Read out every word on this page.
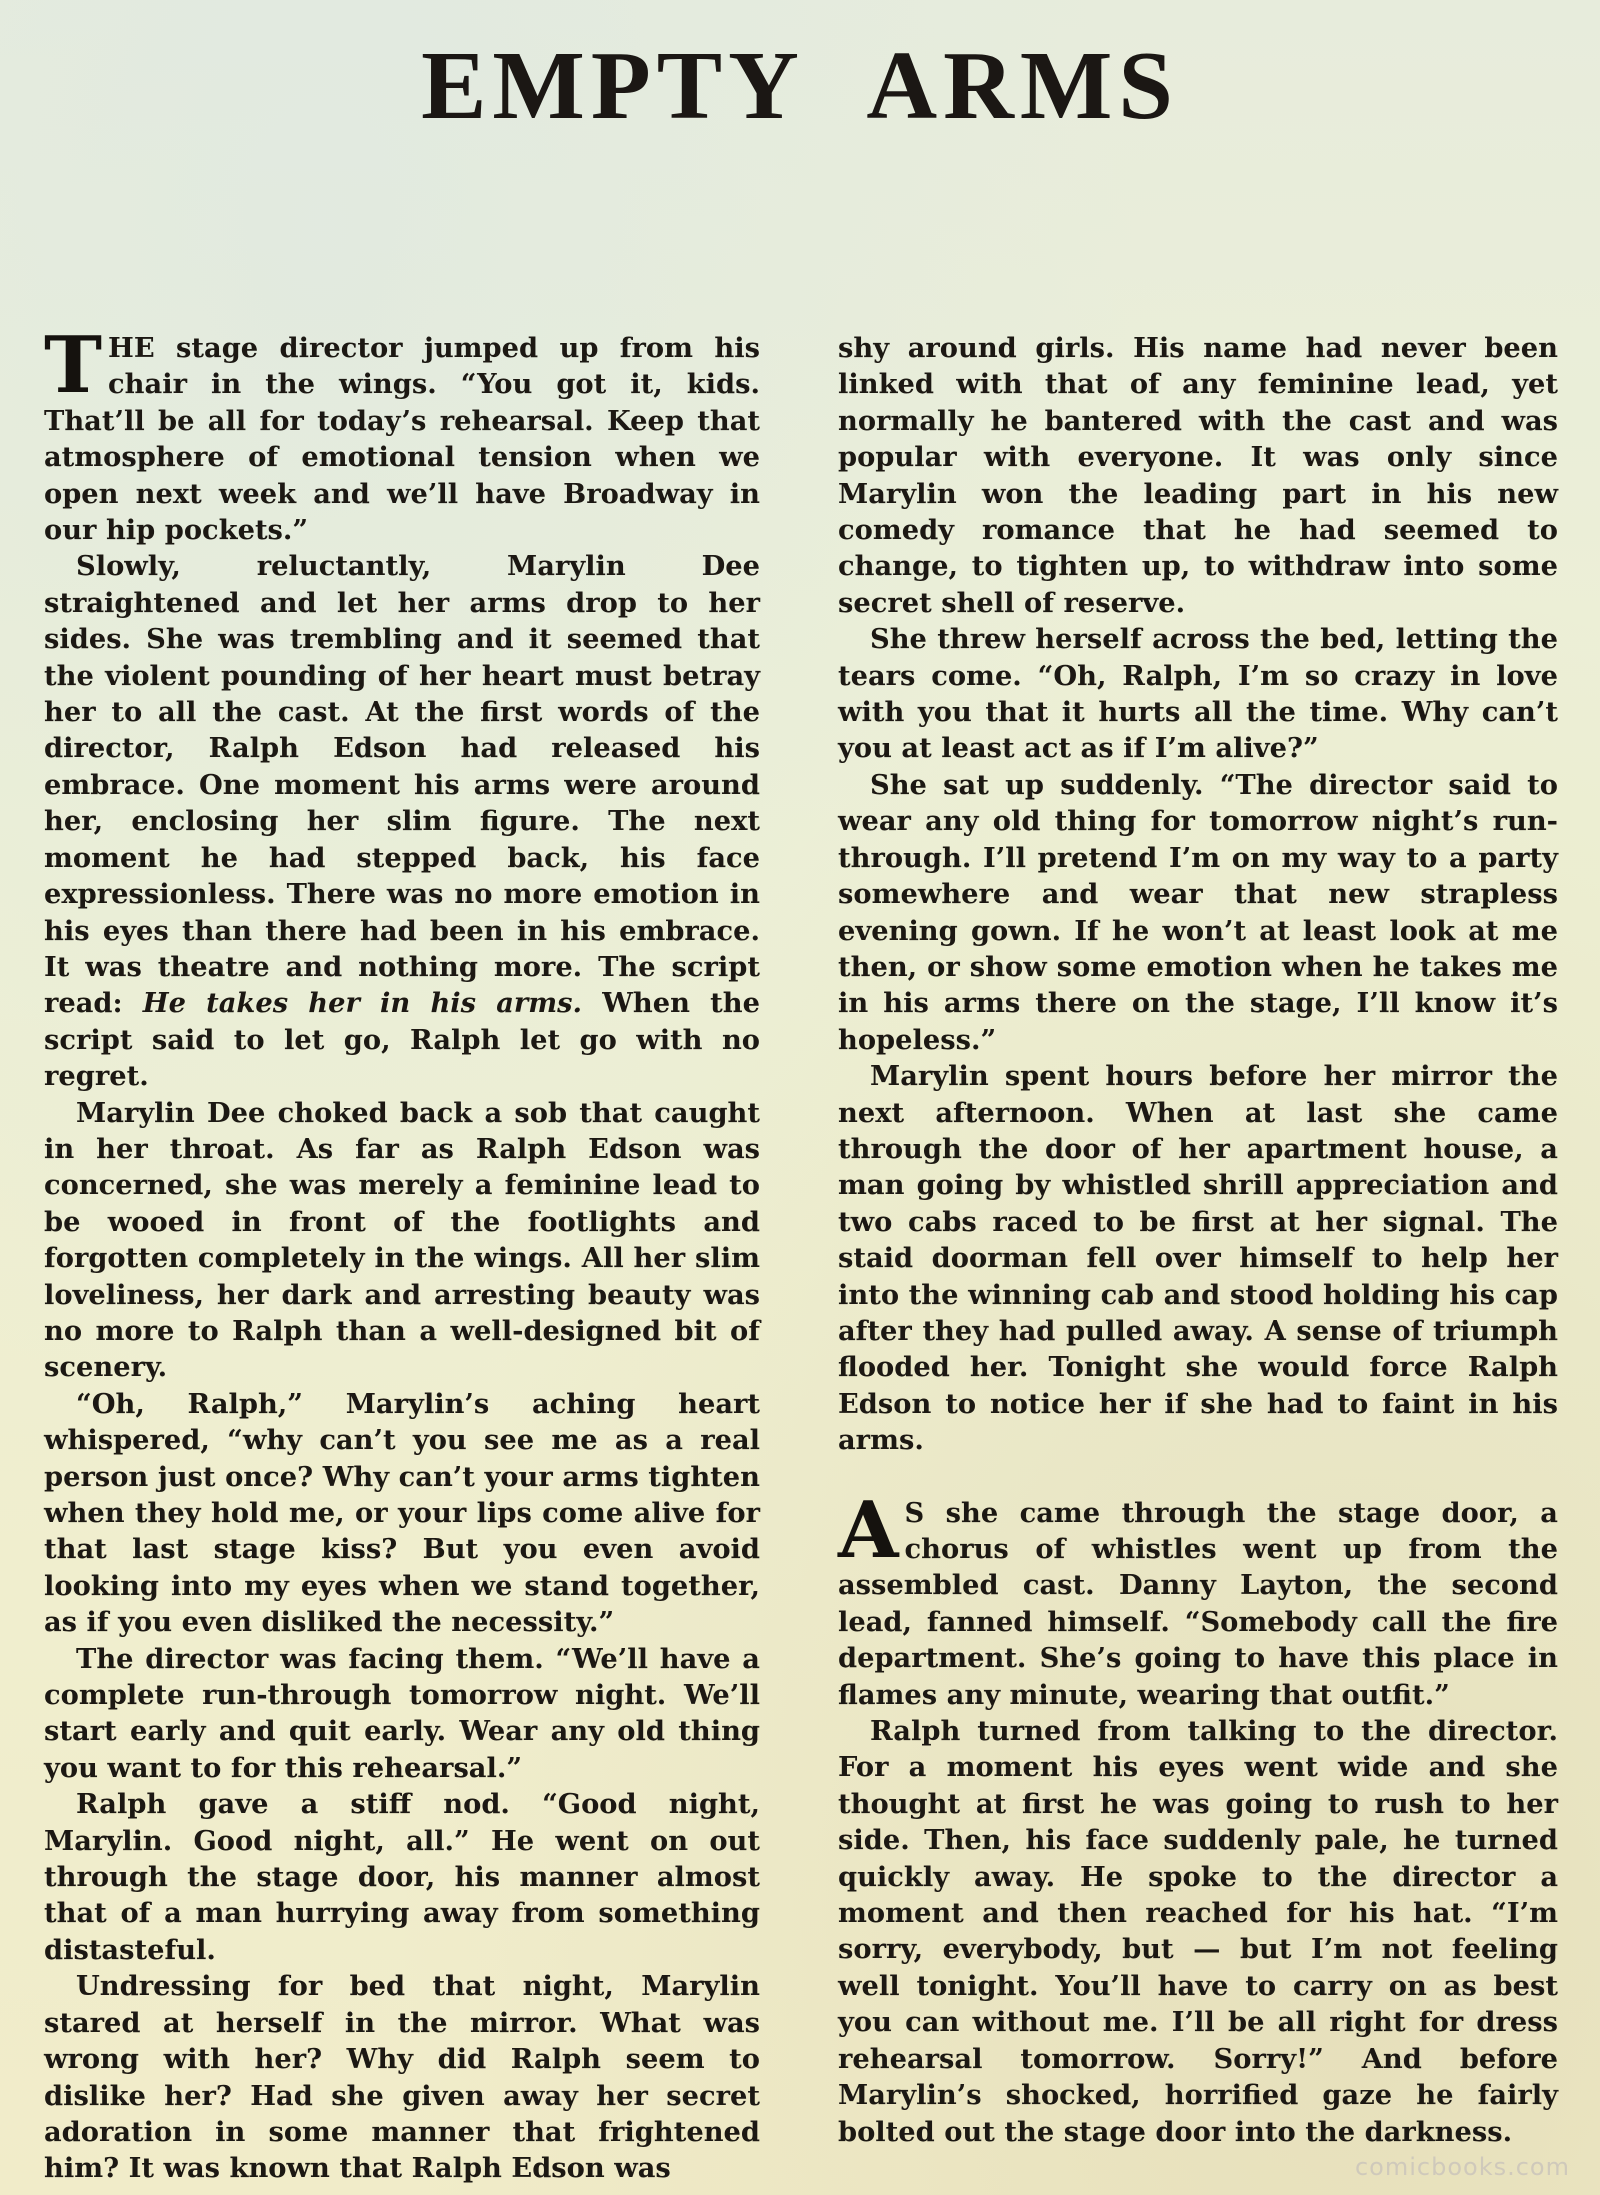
EMPTY ARMS

THE stage director jumped up from his chair in the wings. “You got it, kids. That’ll be all for today’s rehearsal. Keep that atmosphere of emotional tension when we open next week and we’ll have Broadway in our hip pockets.”

Slowly, reluctantly, Marylin Dee straightened and let her arms drop to her sides. She was trembling and it seemed that the violent pounding of her heart must betray her to all the cast. At the first words of the director, Ralph Edson had released his embrace. One moment his arms were around her, enclosing her slim figure. The next moment he had stepped back, his face expressionless. There was no more emotion in his eyes than there had been in his embrace. It was theatre and nothing more. The script read: He takes her in his arms. When the script said to let go, Ralph let go with no regret.

Marylin Dee choked back a sob that caught in her throat. As far as Ralph Edson was concerned, she was merely a feminine lead to be wooed in front of the footlights and forgotten completely in the wings. All her slim loveliness, her dark and arresting beauty was no more to Ralph than a well-designed bit of scenery.

“Oh, Ralph,” Marylin’s aching heart whispered, “why can’t you see me as a real person just once? Why can’t your arms tighten when they hold me, or your lips come alive for that last stage kiss? But you even avoid looking into my eyes when we stand together, as if you even disliked the necessity.”

The director was facing them. “We’ll have a complete run-through tomorrow night. We’ll start early and quit early. Wear any old thing you want to for this rehearsal.”

Ralph gave a stiff nod. “Good night, Marylin. Good night, all.” He went on out through the stage door, his manner almost that of a man hurrying away from something distasteful.

Undressing for bed that night, Marylin stared at herself in the mirror. What was wrong with her? Why did Ralph seem to dislike her? Had she given away her secret adoration in some manner that frightened him? It was known that Ralph Edson was

shy around girls. His name had never been linked with that of any feminine lead, yet normally he bantered with the cast and was popular with everyone. It was only since Marylin won the leading part in his new comedy romance that he had seemed to change, to tighten up, to withdraw into some secret shell of reserve.

She threw herself across the bed, letting the tears come. “Oh, Ralph, I’m so crazy in love with you that it hurts all the time. Why can’t you at least act as if I’m alive?”

She sat up suddenly. “The director said to wear any old thing for tomorrow night’s run-through. I’ll pretend I’m on my way to a party somewhere and wear that new strapless evening gown. If he won’t at least look at me then, or show some emotion when he takes me in his arms there on the stage, I’ll know it’s hopeless.”

Marylin spent hours before her mirror the next afternoon. When at last she came through the door of her apartment house, a man going by whistled shrill appreciation and two cabs raced to be first at her signal. The staid doorman fell over himself to help her into the winning cab and stood holding his cap after they had pulled away. A sense of triumph flooded her. Tonight she would force Ralph Edson to notice her if she had to faint in his arms.

A S she came through the stage door, a chorus of whistles went up from the assembled cast. Danny Layton, the second lead, fanned himself. “Somebody call the fire department. She’s going to have this place in flames any minute, wearing that outfit.”

Ralph turned from talking to the director. For a moment his eyes went wide and she thought at first he was going to rush to her side. Then, his face suddenly pale, he turned quickly away. He spoke to the director a moment and then reached for his hat. “I’m sorry, everybody, but — but I’m not feeling well tonight. You’ll have to carry on as best you can without me. I’ll be all right for dress rehearsal tomorrow. Sorry!” And before Marylin’s shocked, horrified gaze he fairly bolted out the stage door into the darkness.

comicbooks.com
